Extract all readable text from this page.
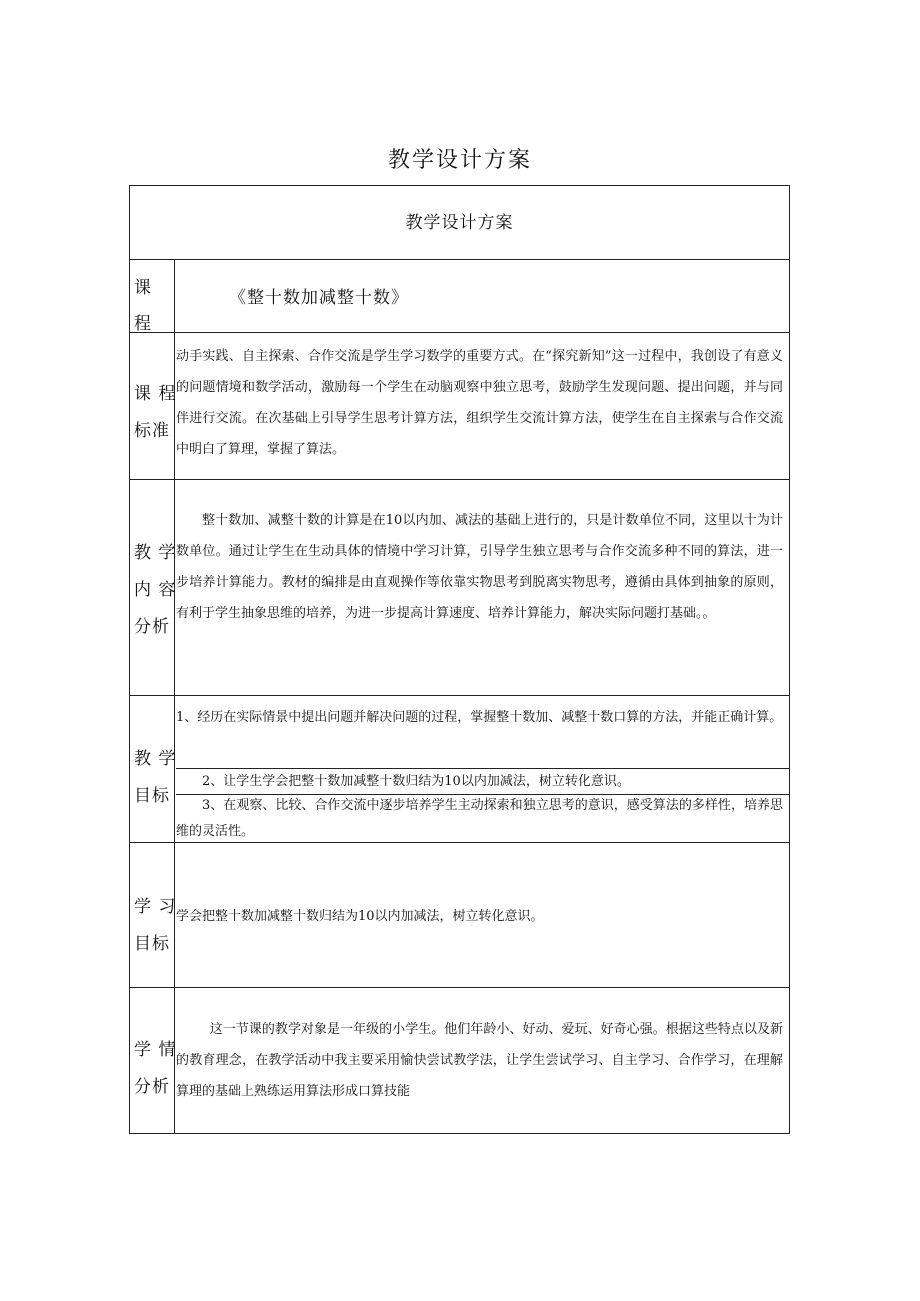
教学设计方案
教学设计方案
课
程
《整十数加减整十数》
课 程
标准

动手实践、自主探索、合作交流是学生学习数学的重要方式。在“探究新知”这一过程中，我创设了有意义的问题情境和数学活动，激励每一个学生在动脑观察中独立思考，鼓励学生发现问题、提出问题，并与同伴进行交流。在次基础上引导学生思考计算方法，组织学生交流计算方法，使学生在自主探索与合作交流中明白了算理，掌握了算法。

教 学
内 容
分析

整十数加、减整十数的计算是在10以内加、减法的基础上进行的，只是计数单位不同，这里以十为计数单位。通过让学生在生动具体的情境中学习计算，引导学生独立思考与合作交流多种不同的算法，进一步培养计算能力。教材的编排是由直观操作等依靠实物思考到脱离实物思考，遵循由具体到抽象的原则，有利于学生抽象思维的培养，为进一步提高计算速度、培养计算能力，解决实际问题打基础。。

教 学
目标

1、经历在实际情景中提出问题并解决问题的过程，掌握整十数加、减整十数口算的方法，并能正确计算。

2、让学生学会把整十数加减整十数归结为10以内加减法，树立转化意识。

3、在观察、比较、合作交流中逐步培养学生主动探索和独立思考的意识，感受算法的多样性，培养思维的灵活性。

学 习
目标

学会把整十数加减整十数归结为10以内加减法，树立转化意识。

学 情
分析

这一节课的教学对象是一年级的小学生。他们年龄小、好动、爱玩、好奇心强。根据这些特点以及新的教育理念，在教学活动中我主要采用愉快尝试教学法，让学生尝试学习、自主学习、合作学习，在理解算理的基础上熟练运用算法形成口算技能
